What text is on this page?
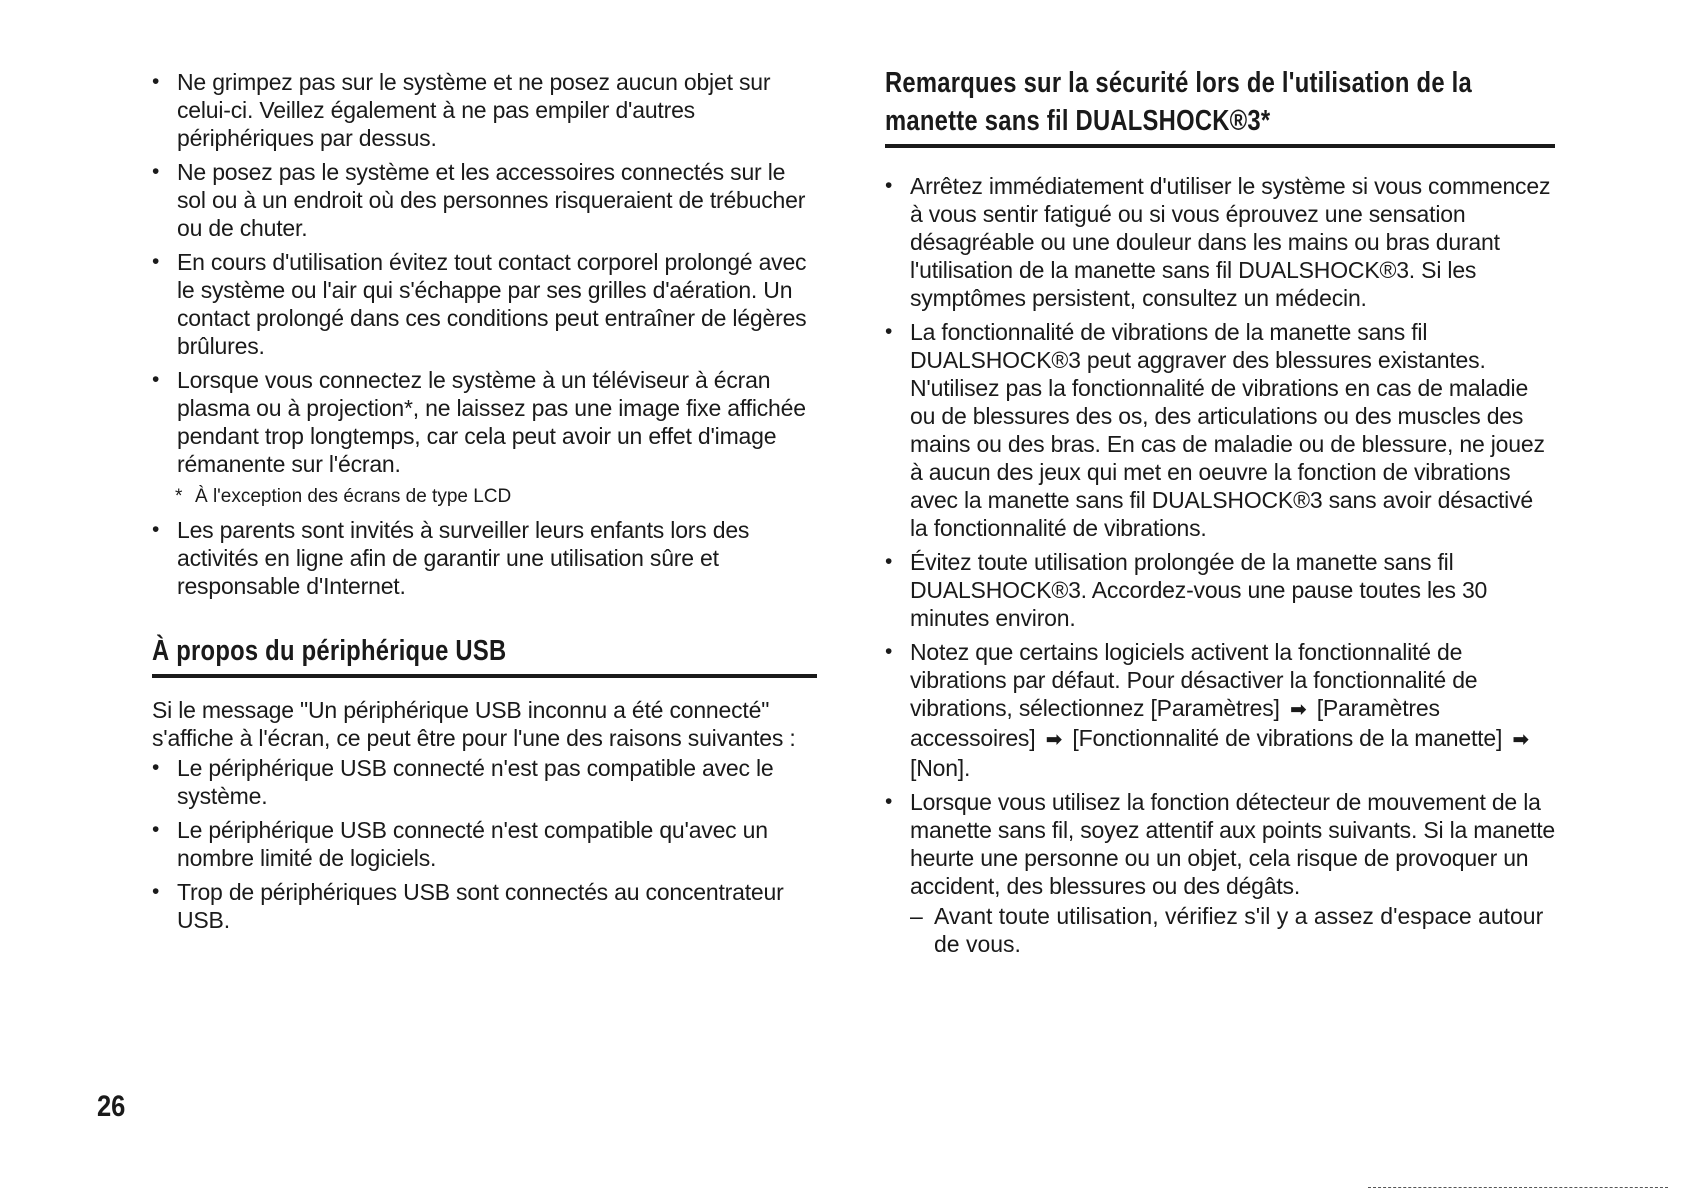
• Ne grimpez pas sur le système et ne posez aucun objet sur celui-ci. Veillez également à ne pas empiler d'autres périphériques par dessus.
• Ne posez pas le système et les accessoires connectés sur le sol ou à un endroit où des personnes risqueraient de trébucher ou de chuter.
• En cours d'utilisation évitez tout contact corporel prolongé avec le système ou l'air qui s'échappe par ses grilles d'aération. Un contact prolongé dans ces conditions peut entraîner de légères brûlures.
• Lorsque vous connectez le système à un téléviseur à écran plasma ou à projection*, ne laissez pas une image fixe affichée pendant trop longtemps, car cela peut avoir un effet d'image rémanente sur l'écran.

* À l'exception des écrans de type LCD

• Les parents sont invités à surveiller leurs enfants lors des activités en ligne afin de garantir une utilisation sûre et responsable d'Internet.
À propos du périphérique USB

Si le message "Un périphérique USB inconnu a été connecté" s'affiche à l'écran, ce peut être pour l'une des raisons suivantes :

• Le périphérique USB connecté n'est pas compatible avec le système.
• Le périphérique USB connecté n'est compatible qu'avec un nombre limité de logiciels.
• Trop de périphériques USB sont connectés au concentrateur USB.
Remarques sur la sécurité lors de l'utilisation de la manette sans fil DUALSHOCK®3*
• Arrêtez immédiatement d'utiliser le système si vous commencez à vous sentir fatigué ou si vous éprouvez une sensation désagréable ou une douleur dans les mains ou bras durant l'utilisation de la manette sans fil DUALSHOCK®3. Si les symptômes persistent, consultez un médecin.
• La fonctionnalité de vibrations de la manette sans fil DUALSHOCK®3 peut aggraver des blessures existantes. N'utilisez pas la fonctionnalité de vibrations en cas de maladie ou de blessures des os, des articulations ou des muscles des mains ou des bras. En cas de maladie ou de blessure, ne jouez à aucun des jeux qui met en oeuvre la fonction de vibrations avec la manette sans fil DUALSHOCK®3 sans avoir désactivé la fonctionnalité de vibrations.
• Évitez toute utilisation prolongée de la manette sans fil DUALSHOCK®3. Accordez-vous une pause toutes les 30 minutes environ.
• Notez que certains logiciels activent la fonctionnalité de vibrations par défaut. Pour désactiver la fonctionnalité de vibrations, sélectionnez [Paramètres] ➡ [Paramètres accessoires] ➡ [Fonctionnalité de vibrations de la manette] ➡ [Non].
• Lorsque vous utilisez la fonction détecteur de mouvement de la manette sans fil, soyez attentif aux points suivants. Si la manette heurte une personne ou un objet, cela risque de provoquer un accident, des blessures ou des dégâts.

– Avant toute utilisation, vérifiez s'il y a assez d'espace autour de vous.

26
